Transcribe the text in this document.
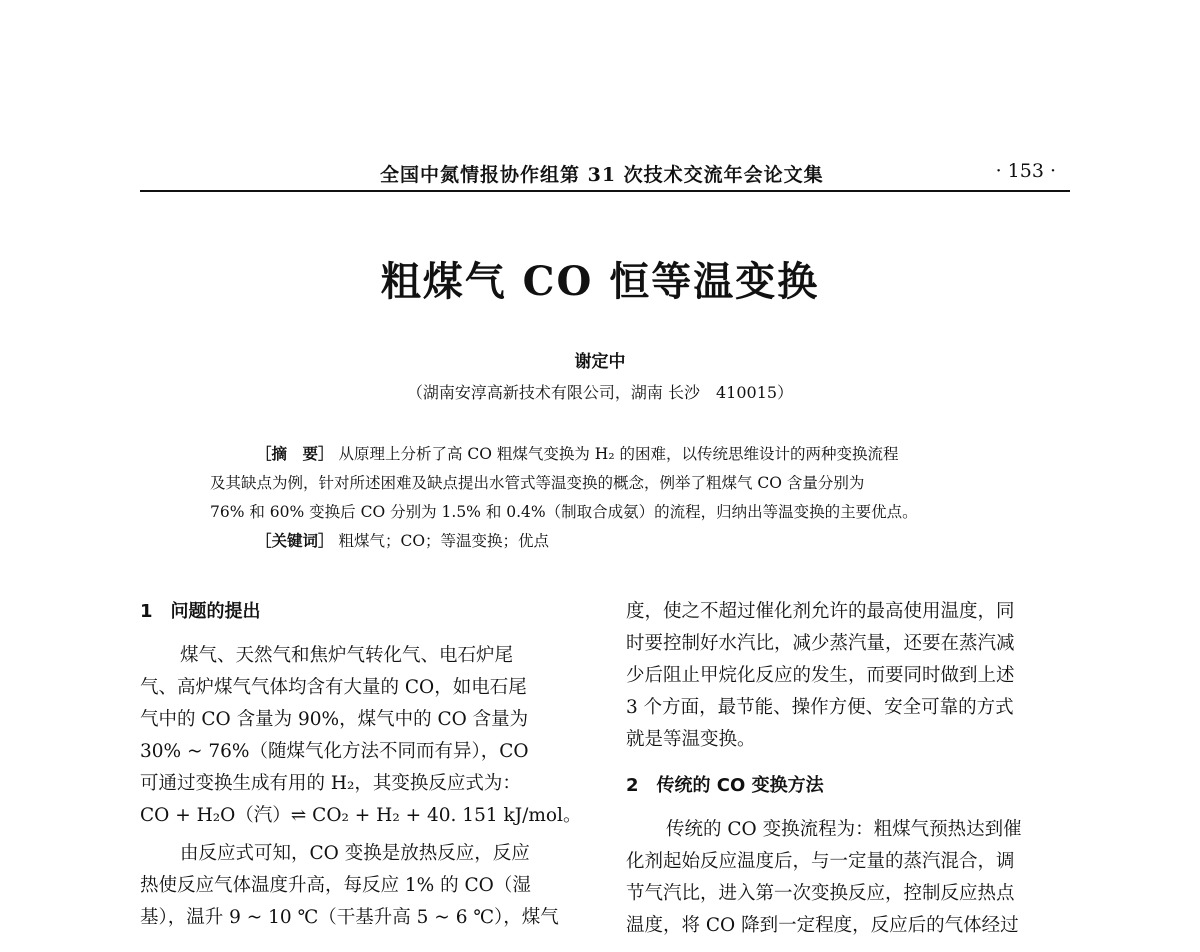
全国中氮情报协作组第 31 次技术交流年会论文集	· 153 ·
粗煤气 CO 恒等温变换
谢定中
（湖南安淳高新技术有限公司，湖南 长沙　410015）
［摘　要］ 从原理上分析了高 CO 粗煤气变换为 H₂ 的困难，以传统思维设计的两种变换流程
及其缺点为例，针对所述困难及缺点提出水管式等温变换的概念，例举了粗煤气 CO 含量分别为
76% 和 60% 变换后 CO 分别为 1.5% 和 0.4%（制取合成氨）的流程，归纳出等温变换的主要优点。
［关键词］ 粗煤气；CO；等温变换；优点
1　问题的提出
煤气、天然气和焦炉气转化气、电石炉尾
气、高炉煤气气体均含有大量的 CO，如电石尾
气中的 CO 含量为 90%，煤气中的 CO 含量为
30% ~ 76%（随煤气化方法不同而有异），CO
可通过变换生成有用的 H₂，其变换反应式为：
CO + H₂O（汽）⇌ CO₂ + H₂ + 40. 151 kJ/mol。
由反应式可知，CO 变换是放热反应，反应
热使反应气体温度升高，每反应 1% 的 CO（湿
基），温升 9 ~ 10 ℃（干基升高 5 ~ 6 ℃），煤气
度，使之不超过催化剂允许的最高使用温度，同
时要控制好水汽比，减少蒸汽量，还要在蒸汽减
少后阻止甲烷化反应的发生，而要同时做到上述
3 个方面，最节能、操作方便、安全可靠的方式
就是等温变换。
2　传统的 CO 变换方法
传统的 CO 变换流程为：粗煤气预热达到催
化剂起始反应温度后，与一定量的蒸汽混合，调
节气汽比，进入第一次变换反应，控制反应热点
温度，将 CO 降到一定程度，反应后的气体经过
